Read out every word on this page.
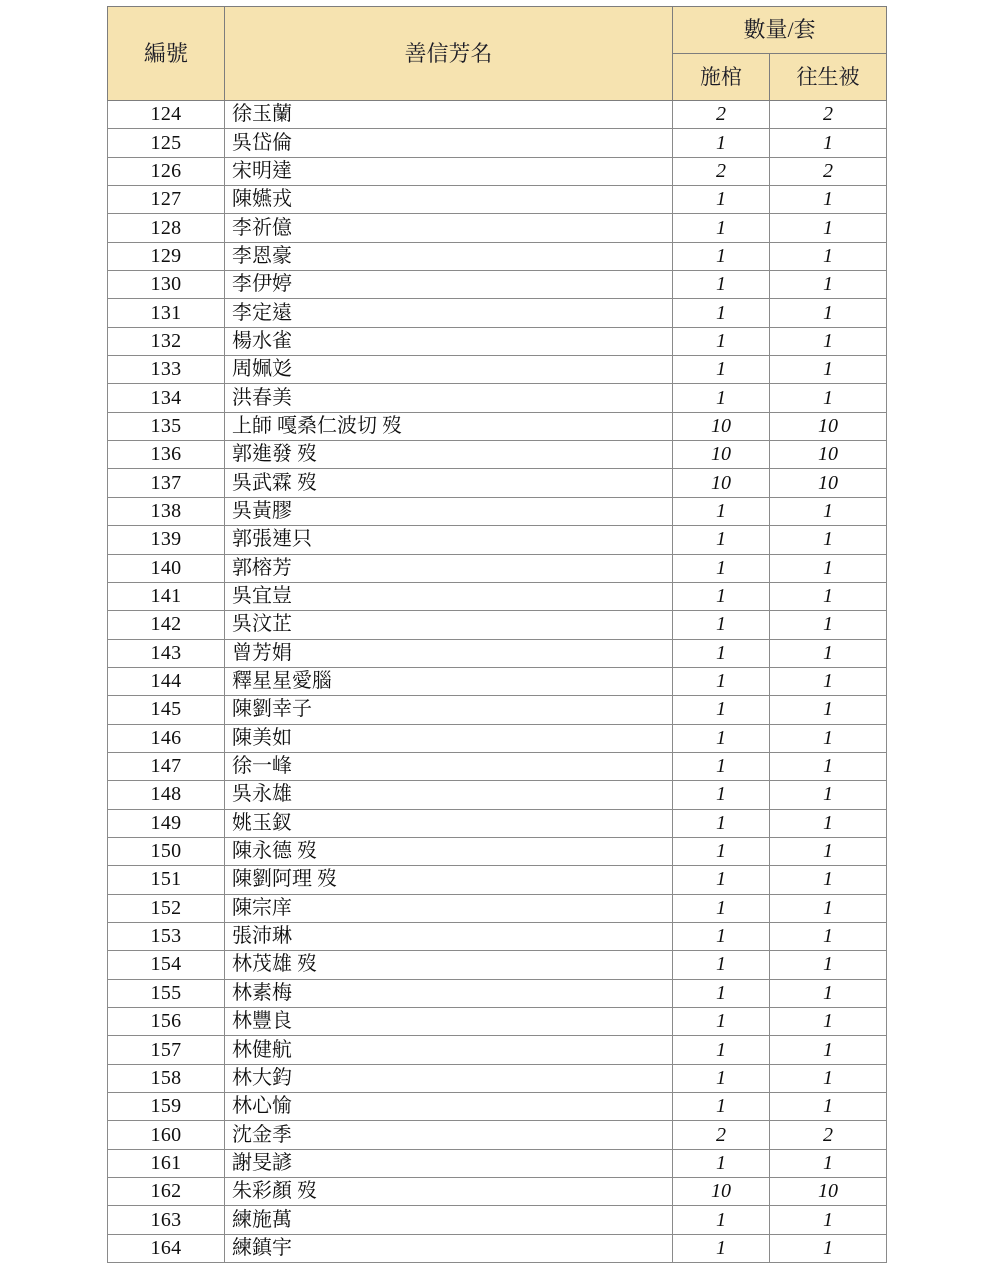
編號	善信芳名	數量/套	
		施棺	往生被
124	徐玉蘭	2	2
125	吳岱倫	1	1
126	宋明達	2	2
127	陳嬿戎	1	1
128	李祈億	1	1
129	李恩豪	1	1
130	李伊婷	1	1
131	李定遠	1	1
132	楊水雀	1	1
133	周姵彣	1	1
134	洪春美	1	1
135	上師 嘎桑仁波切 歿	10	10
136	郭進發 歿	10	10
137	吳武霖 歿	10	10
138	吳黃膠	1	1
139	郭張連只	1	1
140	郭榕芳	1	1
141	吳宜豈	1	1
142	吳汶芷	1	1
143	曾芳娟	1	1
144	釋星星愛腦	1	1
145	陳劉幸子	1	1
146	陳美如	1	1
147	徐一峰	1	1
148	吳永雄	1	1
149	姚玉釵	1	1
150	陳永德 歿	1	1
151	陳劉阿理 歿	1	1
152	陳宗庠	1	1
153	張沛琳	1	1
154	林茂雄 歿	1	1
155	林素梅	1	1
156	林豐良	1	1
157	林健航	1	1
158	林大鈞	1	1
159	林心愉	1	1
160	沈金季	2	2
161	謝旻諺	1	1
162	朱彩顏 歿	10	10
163	練施萬	1	1
164	練鎮宇	1	1
